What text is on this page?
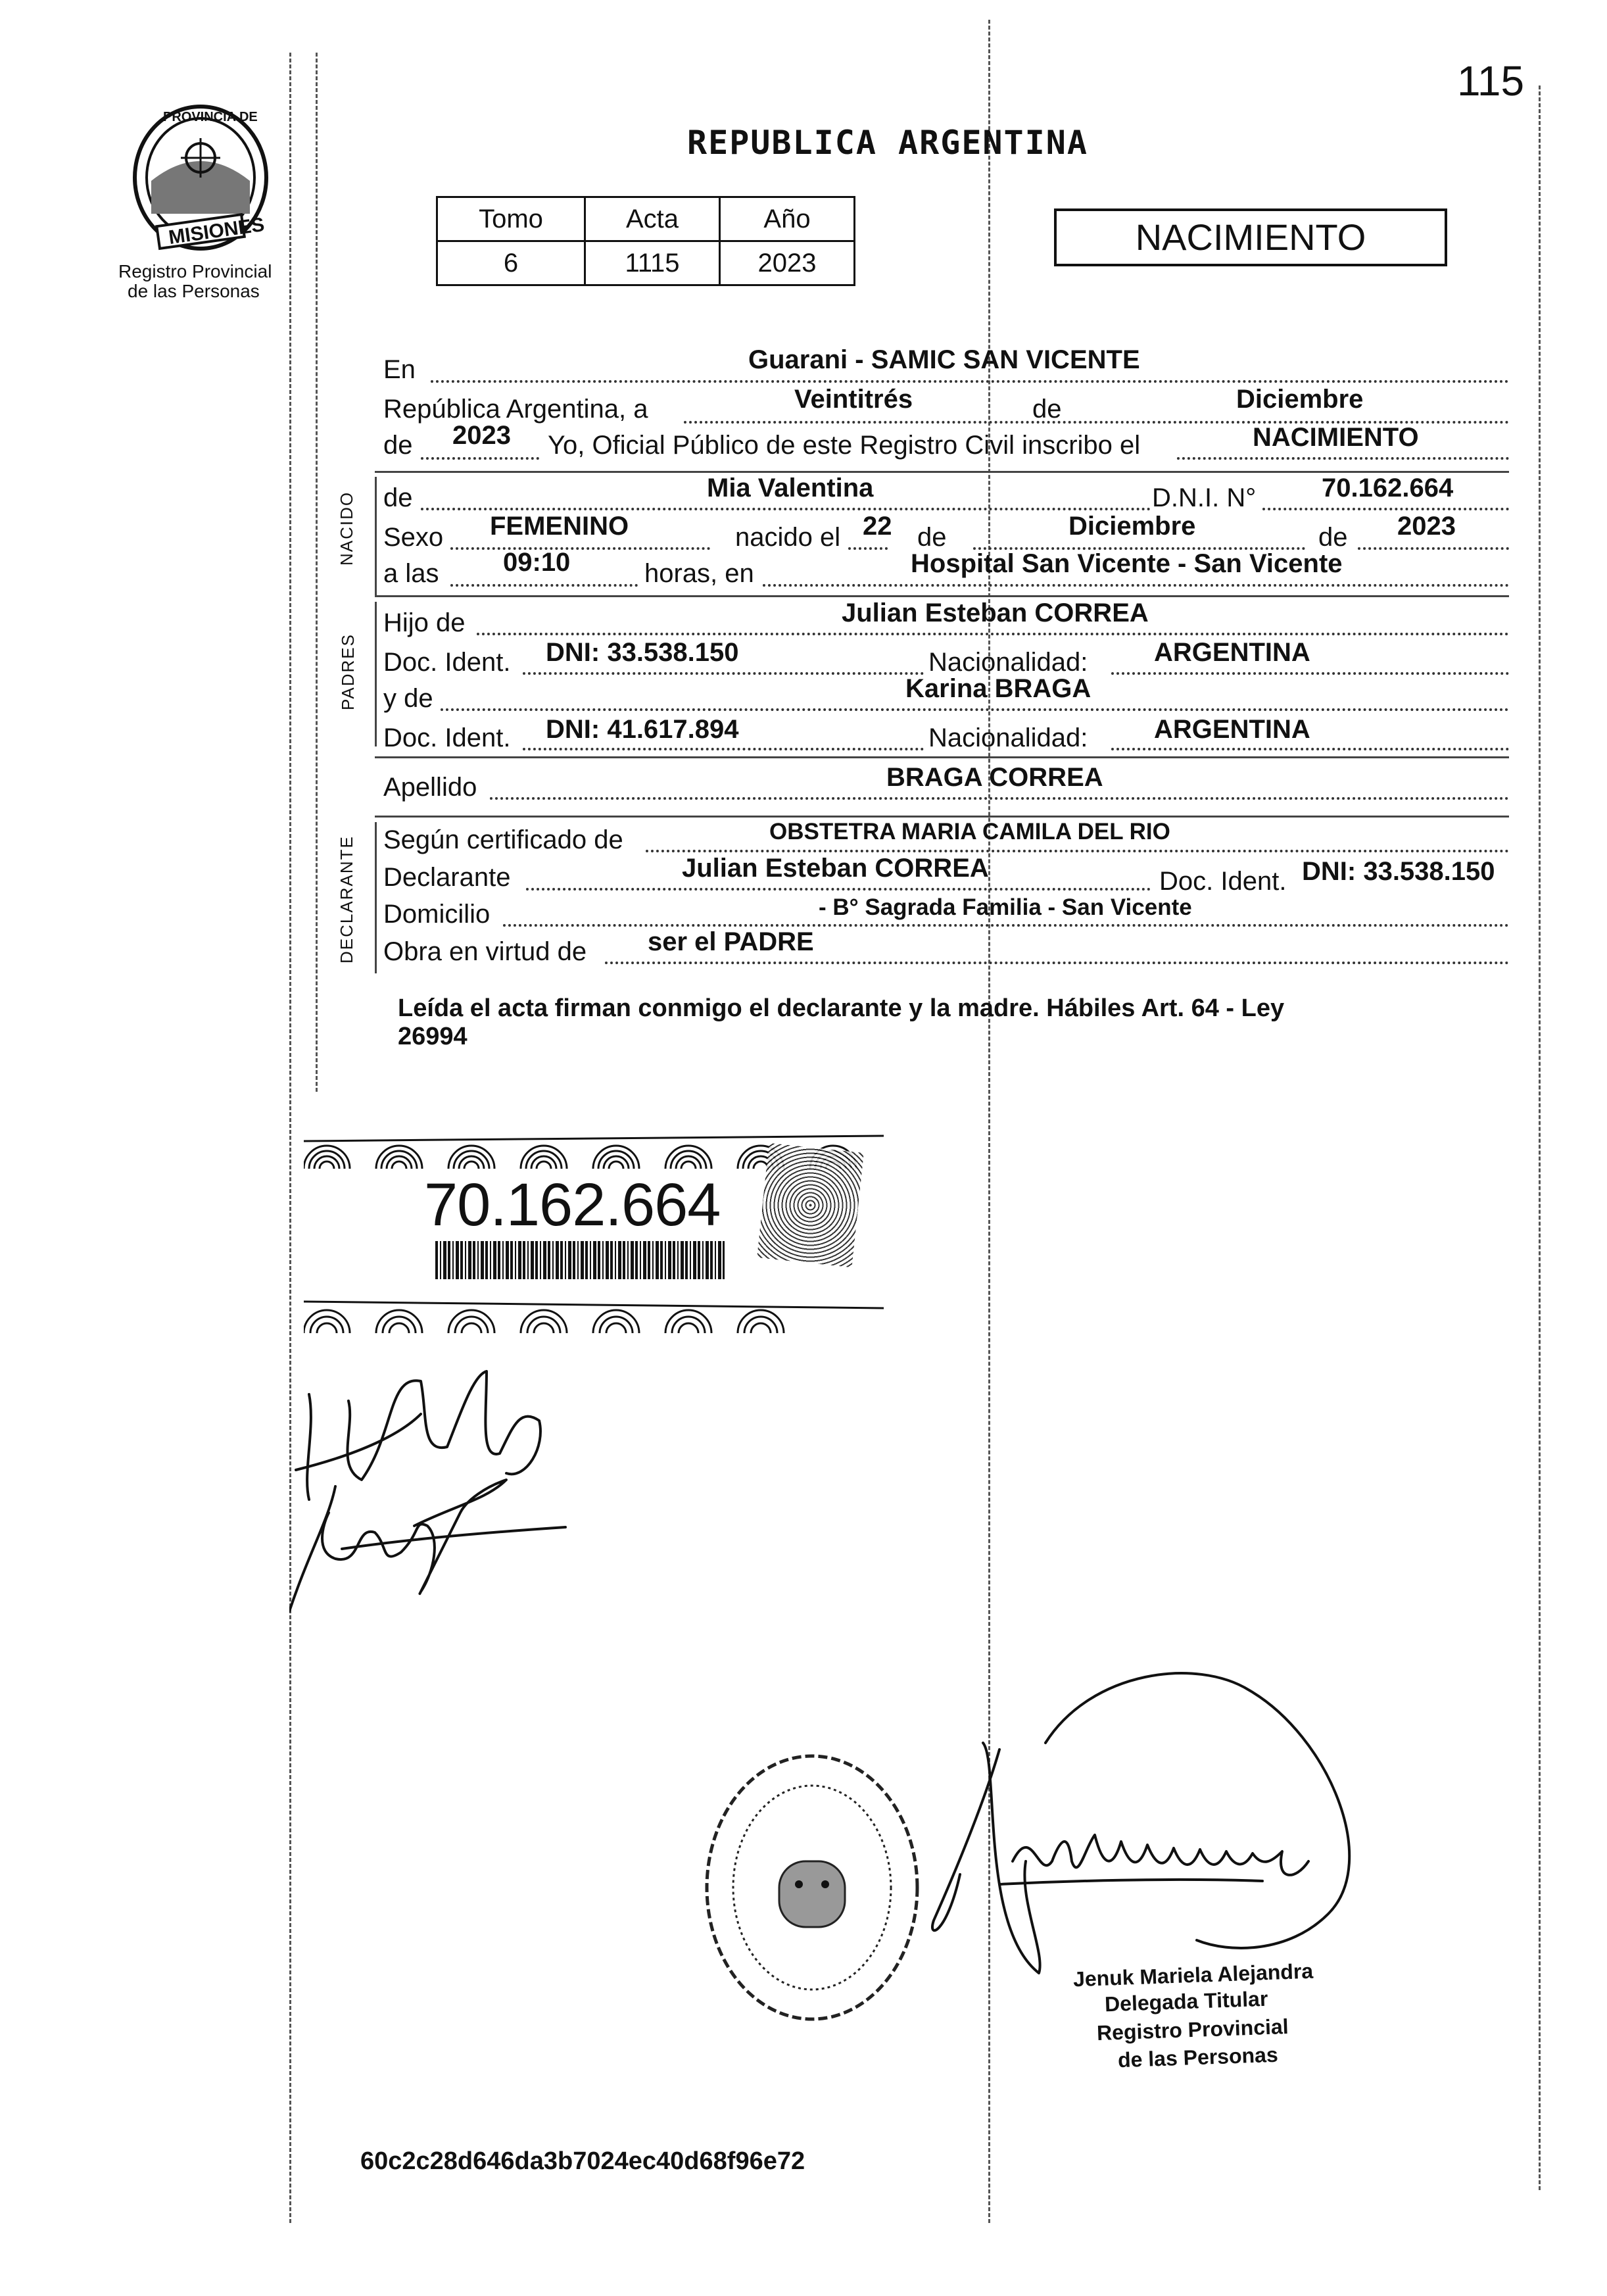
115
PROVINCIA DE
MISIONES
Registro Provincial
de las Personas
REPUBLICA ARGENTINA
Tomo	Acta	Año
6	1115	2023
NACIMIENTO
En	Guarani - SAMIC SAN VICENTE
República Argentina, a	Veintitrés	de	Diciembre
de 2023 Yo, Oficial Público de este Registro Civil inscribo el	NACIMIENTO
NACIDO de	Mia Valentina	D.N.I. N° 70.162.664
Sexo FEMENINO	nacido el 22 de	Diciembre	de 2023
a las 09:10	horas, en	Hospital San Vicente - San Vicente
PADRES
Hijo de	Julian Esteban CORREA
Doc. Ident. DNI: 33.538.150	Nacionalidad:	ARGENTINA
y de	Karina BRAGA
Doc. Ident. DNI: 41.617.894	Nacionalidad:	ARGENTINA
Apellido	BRAGA CORREA
DECLARANTE Según certificado de	OBSTETRA MARIA CAMILA DEL RIO
Declarante	Julian Esteban CORREA	Doc. Ident. DNI: 33.538.150
Domicilio	- B° Sagrada Familia - San Vicente
Obra en virtud de ser el PADRE
Leída el acta firman conmigo el declarante y la madre. Hábiles Art. 64 - Ley
26994
70.162.664
Jenuk Mariela Alejandra
Delegada Titular
Registro Provincial
de las Personas
60c2c28d646da3b7024ec40d68f96e72
